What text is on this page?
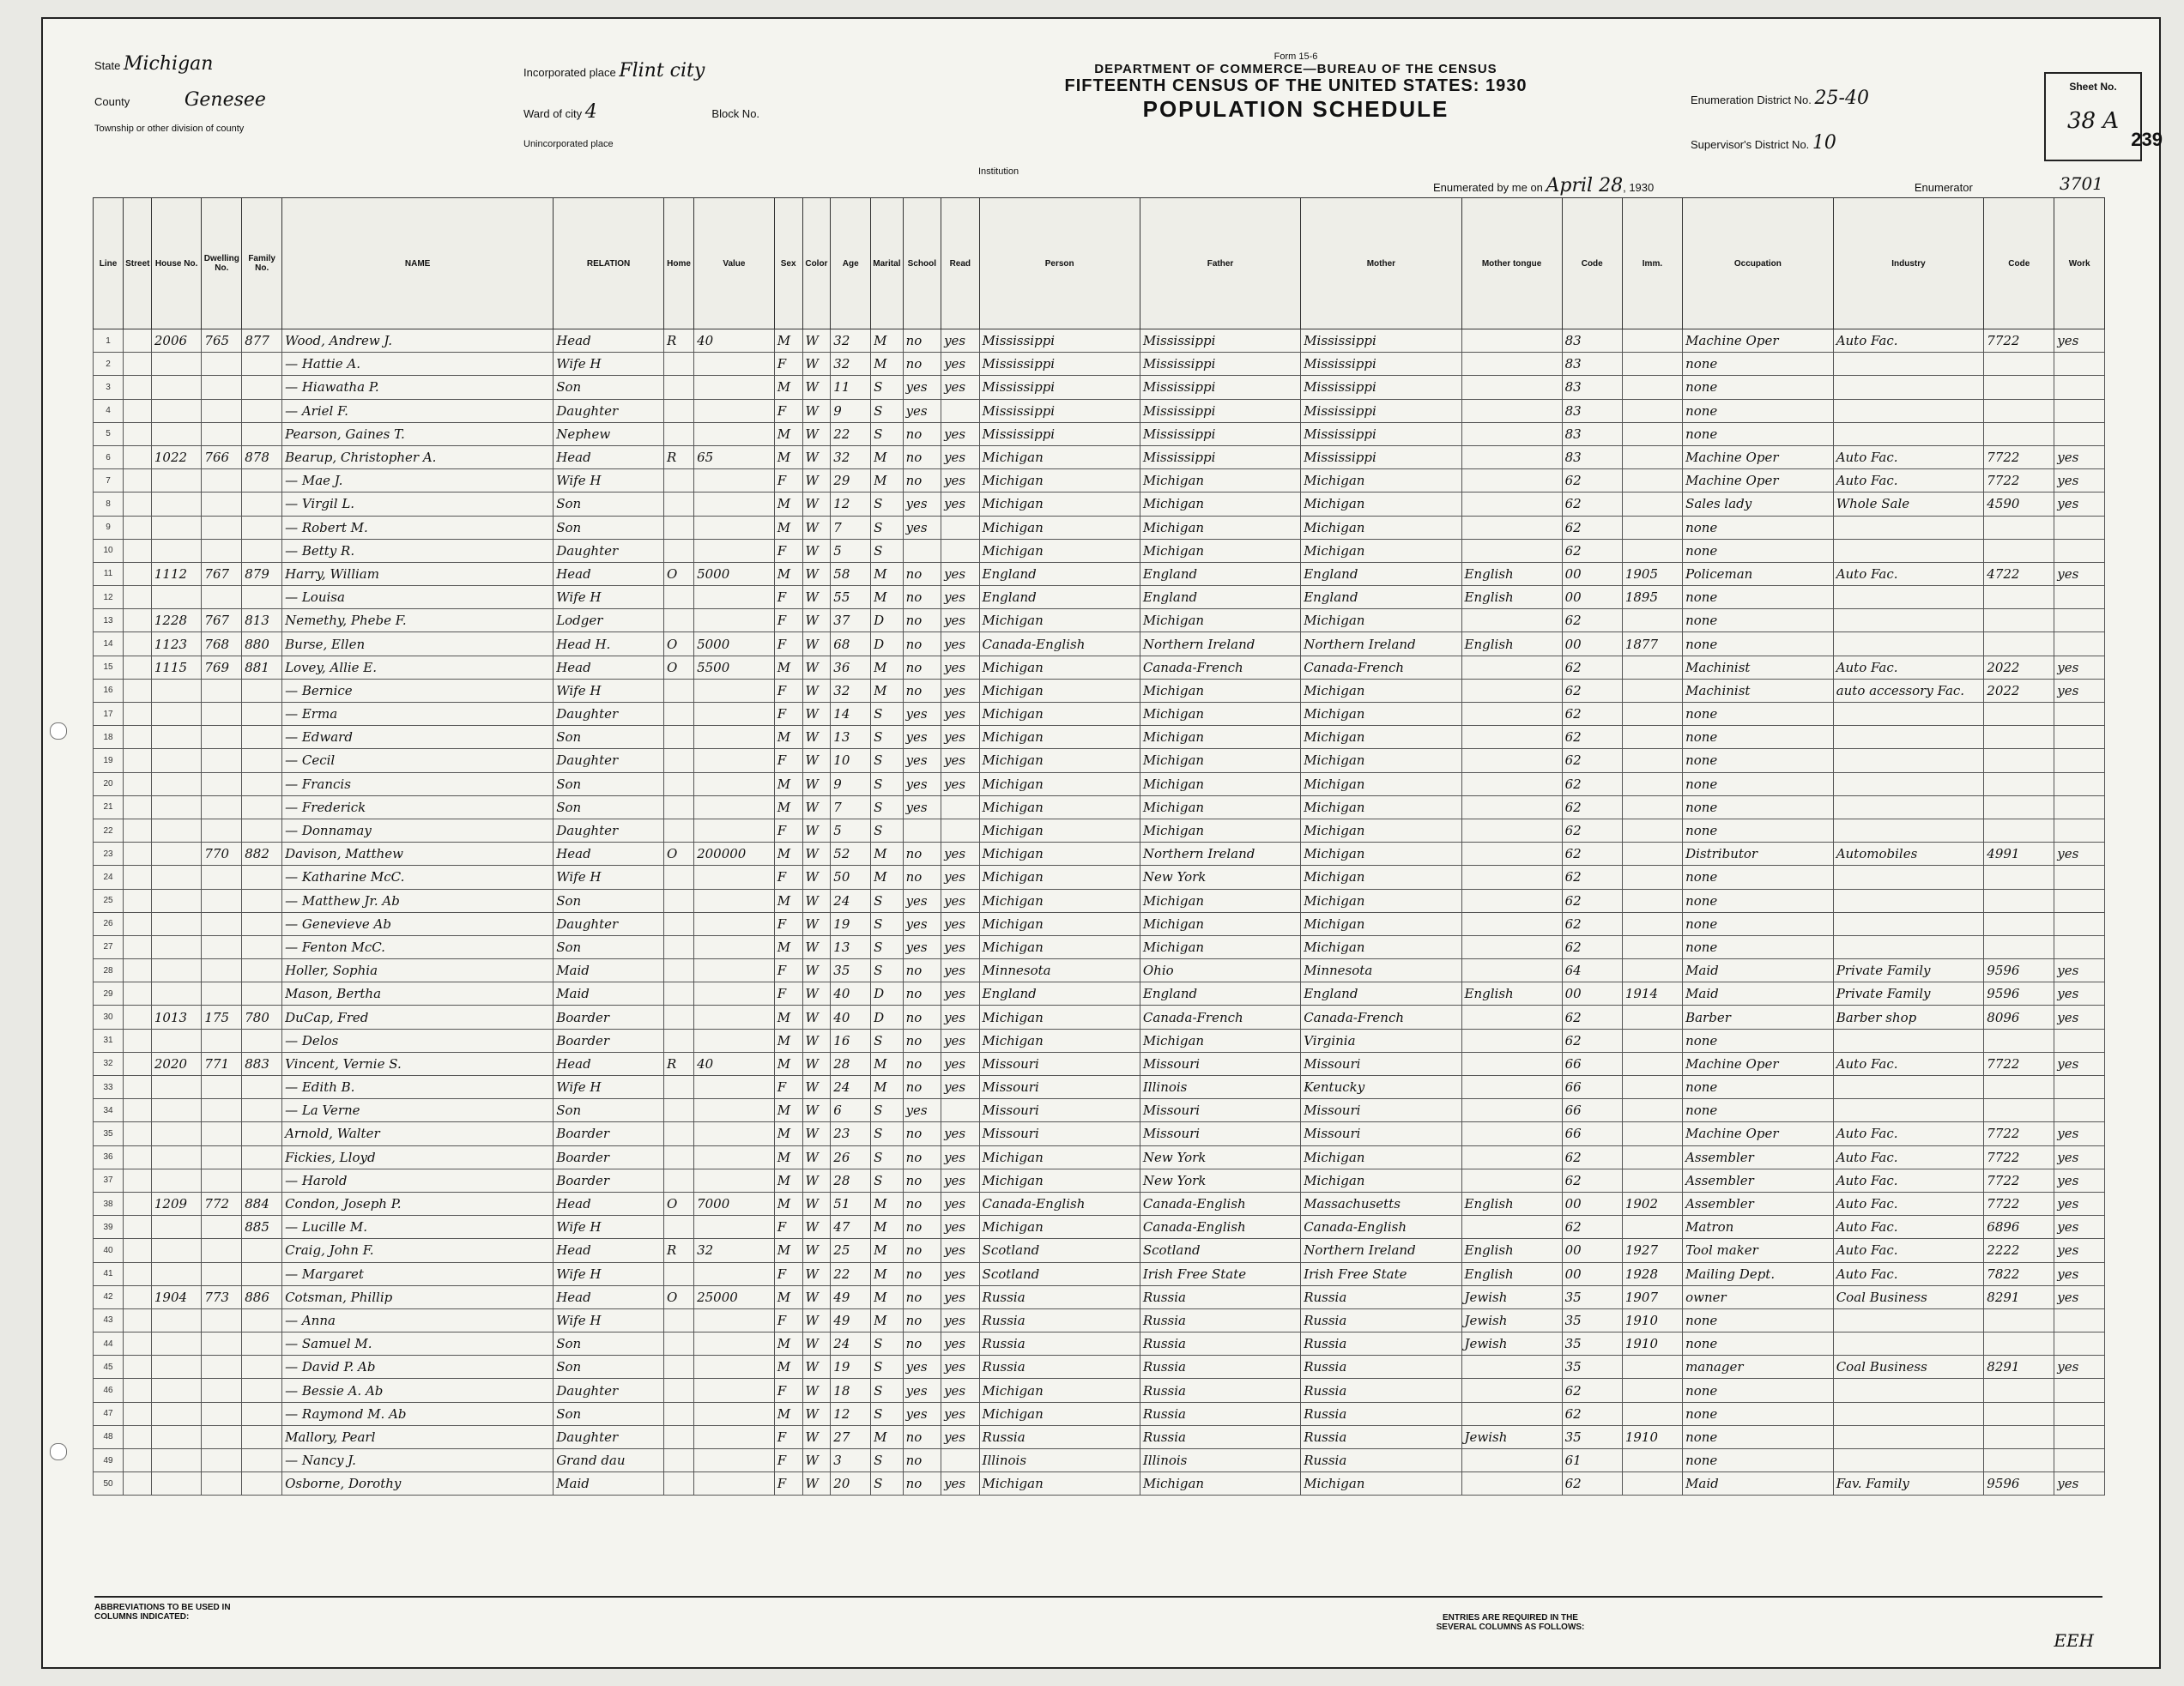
State Michigan
County	Genesee
Township or other division of county
Incorporated place Flint city
Ward of city 4	Block No.
Unincorporated place
Institution
Form 15-6
DEPARTMENT OF COMMERCE—BUREAU OF THE CENSUS
FIFTEENTH CENSUS OF THE UNITED STATES: 1930
POPULATION SCHEDULE	Enumeration District No. 25-40
Supervisor's District No. 10
Enumerated by me on April 28, 1930	Enumerator	3701
Sheet No.
38 A
239
Line	Street	House No.	Dwelling No.	Family No.	NAME	RELATION	Home	Value	Sex	Color	Age	Marital	School	Read	Person	Father	Mother	Mother tongue	Code	Imm.	Occupation	Industry	Code	Work
1		2006	765	877	Wood, Andrew J.	Head	R	40	M	W	32	M	no	yes	Mississippi	Mississippi	Mississippi		83		Machine Oper	Auto Fac.	7722	yes
2					— Hattie A.	Wife H			F	W	32	M	no	yes	Mississippi	Mississippi	Mississippi		83		none			
3					— Hiawatha P.	Son			M	W	11	S	yes	yes	Mississippi	Mississippi	Mississippi		83		none			
4					— Ariel F.	Daughter			F	W	9	S	yes		Mississippi	Mississippi	Mississippi		83		none			
5					Pearson, Gaines T.	Nephew			M	W	22	S	no	yes	Mississippi	Mississippi	Mississippi		83		none			
6		1022	766	878	Bearup, Christopher A.	Head	R	65	M	W	32	M	no	yes	Michigan	Mississippi	Mississippi		83		Machine Oper	Auto Fac.	7722	yes
7					— Mae J.	Wife H			F	W	29	M	no	yes	Michigan	Michigan	Michigan		62		Machine Oper	Auto Fac.	7722	yes
8					— Virgil L.	Son			M	W	12	S	yes	yes	Michigan	Michigan	Michigan		62		Sales lady	Whole Sale	4590	yes
9					— Robert M.	Son			M	W	7	S	yes		Michigan	Michigan	Michigan		62		none			
10					— Betty R.	Daughter			F	W	5	S			Michigan	Michigan	Michigan		62		none			
11		1112	767	879	Harry, William	Head	O	5000	M	W	58	M	no	yes	England	England	England	English	00	1905	Policeman	Auto Fac.	4722	yes
12					— Louisa	Wife H			F	W	55	M	no	yes	England	England	England	English	00	1895	none			
13		1228	767	813	Nemethy, Phebe F.	Lodger			F	W	37	D	no	yes	Michigan	Michigan	Michigan		62		none			
14		1123	768	880	Burse, Ellen	Head H.	O	5000	F	W	68	D	no	yes	Canada-English	Northern Ireland	Northern Ireland	English	00	1877	none			
15		1115	769	881	Lovey, Allie E.	Head	O	5500	M	W	36	M	no	yes	Michigan	Canada-French	Canada-French		62		Machinist	Auto Fac.	2022	yes
16					— Bernice	Wife H			F	W	32	M	no	yes	Michigan	Michigan	Michigan		62		Machinist	auto accessory Fac.	2022	yes
17					— Erma	Daughter			F	W	14	S	yes	yes	Michigan	Michigan	Michigan		62		none			
18					— Edward	Son			M	W	13	S	yes	yes	Michigan	Michigan	Michigan		62		none			
19					— Cecil	Daughter			F	W	10	S	yes	yes	Michigan	Michigan	Michigan		62		none			
20					— Francis	Son			M	W	9	S	yes	yes	Michigan	Michigan	Michigan		62		none			
21					— Frederick	Son			M	W	7	S	yes		Michigan	Michigan	Michigan		62		none			
22					— Donnamay	Daughter			F	W	5	S			Michigan	Michigan	Michigan		62		none			
23			770	882	Davison, Matthew	Head	O	200000	M	W	52	M	no	yes	Michigan	Northern Ireland	Michigan		62		Distributor	Automobiles	4991	yes
24					— Katharine McC.	Wife H			F	W	50	M	no	yes	Michigan	New York	Michigan		62		none			
25					— Matthew Jr. Ab	Son			M	W	24	S	yes	yes	Michigan	Michigan	Michigan		62		none			
26					— Genevieve Ab	Daughter			F	W	19	S	yes	yes	Michigan	Michigan	Michigan		62		none			
27					— Fenton McC.	Son			M	W	13	S	yes	yes	Michigan	Michigan	Michigan		62		none			
28					Holler, Sophia	Maid			F	W	35	S	no	yes	Minnesota	Ohio	Minnesota		64		Maid	Private Family	9596	yes
29					Mason, Bertha	Maid			F	W	40	D	no	yes	England	England	England	English	00	1914	Maid	Private Family	9596	yes
30		1013	175	780	DuCap, Fred	Boarder			M	W	40	D	no	yes	Michigan	Canada-French	Canada-French		62		Barber	Barber shop	8096	yes
31					— Delos	Boarder			M	W	16	S	no	yes	Michigan	Michigan	Virginia		62		none			
32		2020	771	883	Vincent, Vernie S.	Head	R	40	M	W	28	M	no	yes	Missouri	Missouri	Missouri		66		Machine Oper	Auto Fac.	7722	yes
33					— Edith B.	Wife H			F	W	24	M	no	yes	Missouri	Illinois	Kentucky		66		none			
34					— La Verne	Son			M	W	6	S	yes		Missouri	Missouri	Missouri		66		none			
35					Arnold, Walter	Boarder			M	W	23	S	no	yes	Missouri	Missouri	Missouri		66		Machine Oper	Auto Fac.	7722	yes
36					Fickies, Lloyd	Boarder			M	W	26	S	no	yes	Michigan	New York	Michigan		62		Assembler	Auto Fac.	7722	yes
37					— Harold	Boarder			M	W	28	S	no	yes	Michigan	New York	Michigan		62		Assembler	Auto Fac.	7722	yes
38		1209	772	884	Condon, Joseph P.	Head	O	7000	M	W	51	M	no	yes	Canada-English	Canada-English	Massachusetts	English	00	1902	Assembler	Auto Fac.	7722	yes
39				885	— Lucille M.	Wife H			F	W	47	M	no	yes	Michigan	Canada-English	Canada-English		62		Matron	Auto Fac.	6896	yes
40					Craig, John F.	Head	R	32	M	W	25	M	no	yes	Scotland	Scotland	Northern Ireland	English	00	1927	Tool maker	Auto Fac.	2222	yes
41					— Margaret	Wife H			F	W	22	M	no	yes	Scotland	Irish Free State	Irish Free State	English	00	1928	Mailing Dept.	Auto Fac.	7822	yes
42		1904	773	886	Cotsman, Phillip	Head	O	25000	M	W	49	M	no	yes	Russia	Russia	Russia	Jewish	35	1907	owner	Coal Business	8291	yes
43					— Anna	Wife H			F	W	49	M	no	yes	Russia	Russia	Russia	Jewish	35	1910	none			
44					— Samuel M.	Son			M	W	24	S	no	yes	Russia	Russia	Russia	Jewish	35	1910	none			
45					— David P. Ab	Son			M	W	19	S	yes	yes	Russia	Russia	Russia		35		manager	Coal Business	8291	yes
46					— Bessie A. Ab	Daughter			F	W	18	S	yes	yes	Michigan	Russia	Russia		62		none			
47					— Raymond M. Ab	Son			M	W	12	S	yes	yes	Michigan	Russia	Russia		62		none			
48					Mallory, Pearl	Daughter			F	W	27	M	no	yes	Russia	Russia	Russia	Jewish	35	1910	none			
49					— Nancy J.	Grand dau			F	W	3	S	no		Illinois	Illinois	Russia		61		none			
50					Osborne, Dorothy	Maid			F	W	20	S	no	yes	Michigan	Michigan	Michigan		62		Maid	Fav. Family	9596	yes
ABBREVIATIONS TO BE USED IN COLUMNS INDICATED:	ENTRIES ARE REQUIRED IN THE SEVERAL COLUMNS AS FOLLOWS:
EEH
